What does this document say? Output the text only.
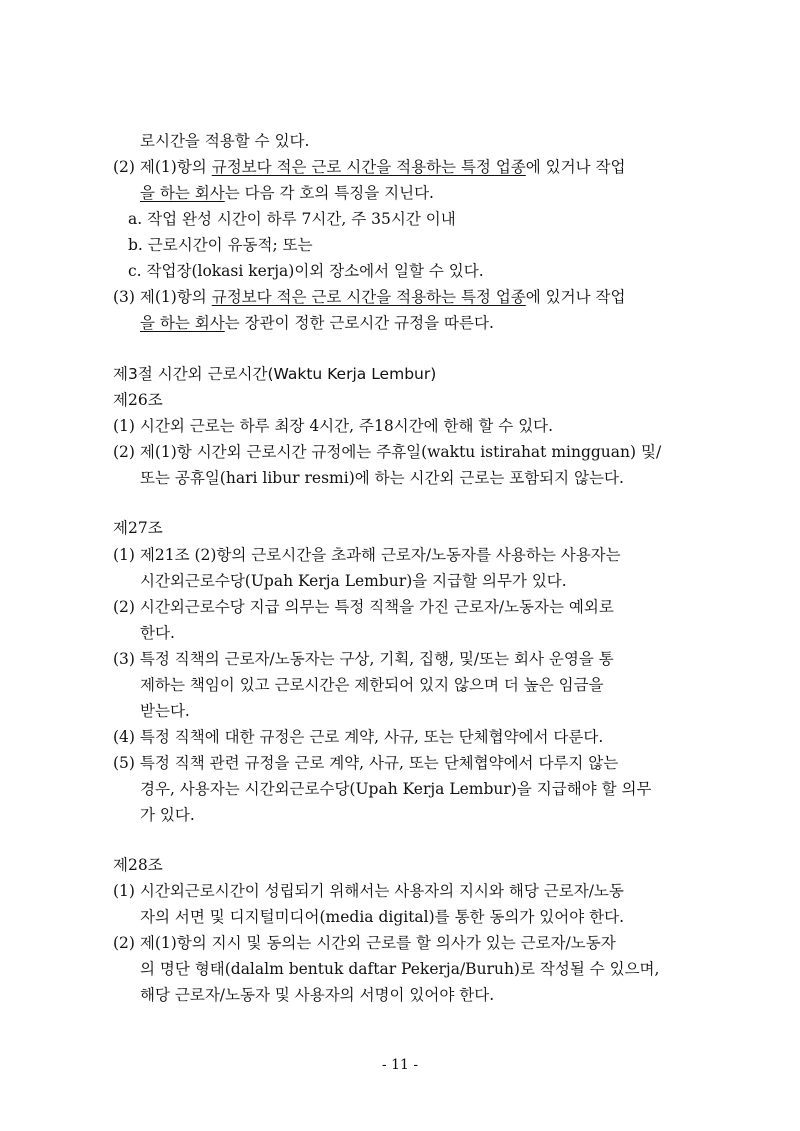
로시간을 적용할 수 있다.
(2) 제(1)항의 규정보다 적은 근로 시간을 적용하는 특정 업종에 있거나 작업
을 하는 회사는 다음 각 호의 특징을 지닌다.
a. 작업 완성 시간이 하루 7시간, 주 35시간 이내
b. 근로시간이 유동적; 또는
c. 작업장(lokasi kerja)이외 장소에서 일할 수 있다.
(3) 제(1)항의 규정보다 적은 근로 시간을 적용하는 특정 업종에 있거나 작업
을 하는 회사는 장관이 정한 근로시간 규정을 따른다.
제3절 시간외 근로시간(Waktu Kerja Lembur)
제26조
(1) 시간외 근로는 하루 최장 4시간, 주18시간에 한해 할 수 있다.
(2) 제(1)항 시간외 근로시간 규정에는 주휴일(waktu istirahat mingguan) 및/
또는 공휴일(hari libur resmi)에 하는 시간외 근로는 포함되지 않는다.
제27조
(1) 제21조 (2)항의 근로시간을 초과해 근로자/노동자를 사용하는 사용자는
시간외근로수당(Upah Kerja Lembur)을 지급할 의무가 있다.
(2) 시간외근로수당 지급 의무는 특정 직책을 가진 근로자/노동자는 예외로
한다.
(3) 특정 직책의 근로자/노동자는 구상, 기획, 집행, 및/또는 회사 운영을 통
제하는 책임이 있고 근로시간은 제한되어 있지 않으며 더 높은 임금을
받는다.
(4) 특정 직책에 대한 규정은 근로 계약, 사규, 또는 단체협약에서 다룬다.
(5) 특정 직책 관련 규정을 근로 계약, 사규, 또는 단체협약에서 다루지 않는
경우, 사용자는 시간외근로수당(Upah Kerja Lembur)을 지급해야 할 의무
가 있다.
제28조
(1) 시간외근로시간이 성립되기 위해서는 사용자의 지시와 해당 근로자/노동
자의 서면 및 디지털미디어(media digital)를 통한 동의가 있어야 한다.
(2) 제(1)항의 지시 및 동의는 시간외 근로를 할 의사가 있는 근로자/노동자
의 명단 형태(dalalm bentuk daftar Pekerja/Buruh)로 작성될 수 있으며,
해당 근로자/노동자 및 사용자의 서명이 있어야 한다.
- 11 -
